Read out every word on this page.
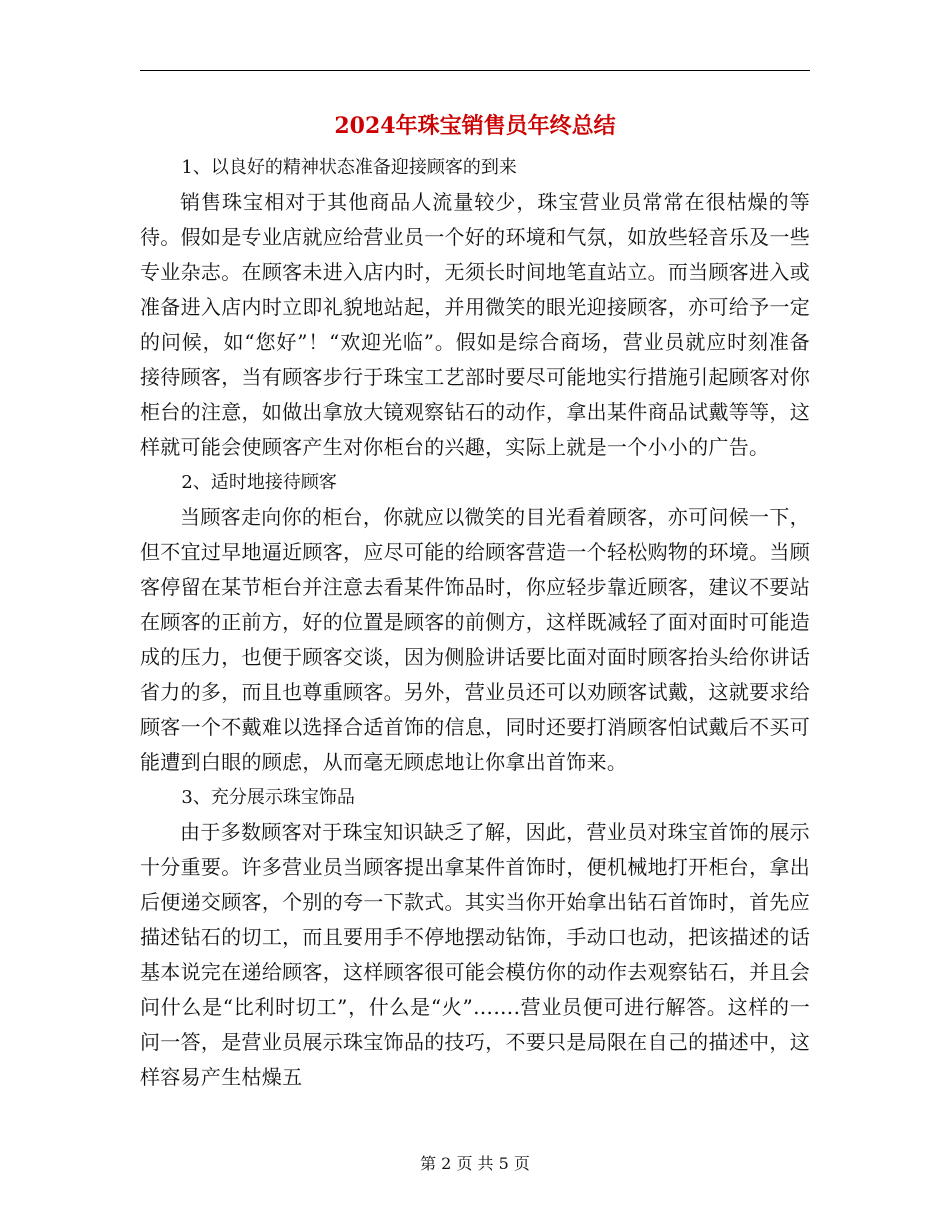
2024年珠宝销售员年终总结

1、以良好的精神状态准备迎接顾客的到来

销售珠宝相对于其他商品人流量较少，珠宝营业员常常在很枯燥的等待。假如是专业店就应给营业员一个好的环境和气氛，如放些轻音乐及一些专业杂志。在顾客未进入店内时，无须长时间地笔直站立。而当顾客进入或准备进入店内时立即礼貌地站起，并用微笑的眼光迎接顾客，亦可给予一定的问候，如“您好”！“欢迎光临”。假如是综合商场，营业员就应时刻准备接待顾客，当有顾客步行于珠宝工艺部时要尽可能地实行措施引起顾客对你柜台的注意，如做出拿放大镜观察钻石的动作，拿出某件商品试戴等等，这样就可能会使顾客产生对你柜台的兴趣，实际上就是一个小小的广告。

2、适时地接待顾客

当顾客走向你的柜台，你就应以微笑的目光看着顾客，亦可问候一下，但不宜过早地逼近顾客，应尽可能的给顾客营造一个轻松购物的环境。当顾客停留在某节柜台并注意去看某件饰品时，你应轻步靠近顾客，建议不要站在顾客的正前方，好的位置是顾客的前侧方，这样既减轻了面对面时可能造成的压力，也便于顾客交谈，因为侧脸讲话要比面对面时顾客抬头给你讲话省力的多，而且也尊重顾客。另外，营业员还可以劝顾客试戴，这就要求给顾客一个不戴难以选择合适首饰的信息，同时还要打消顾客怕试戴后不买可能遭到白眼的顾虑，从而毫无顾虑地让你拿出首饰来。

3、充分展示珠宝饰品

由于多数顾客对于珠宝知识缺乏了解，因此，营业员对珠宝首饰的展示十分重要。许多营业员当顾客提出拿某件首饰时，便机械地打开柜台，拿出后便递交顾客，个别的夸一下款式。其实当你开始拿出钻石首饰时，首先应描述钻石的切工，而且要用手不停地摆动钻饰，手动口也动，把该描述的话基本说完在递给顾客，这样顾客很可能会模仿你的动作去观察钻石，并且会问什么是“比利时切工”，什么是“火”…….营业员便可进行解答。这样的一问一答，是营业员展示珠宝饰品的技巧，不要只是局限在自己的描述中，这样容易产生枯燥五

第 2 页 共 5 页
